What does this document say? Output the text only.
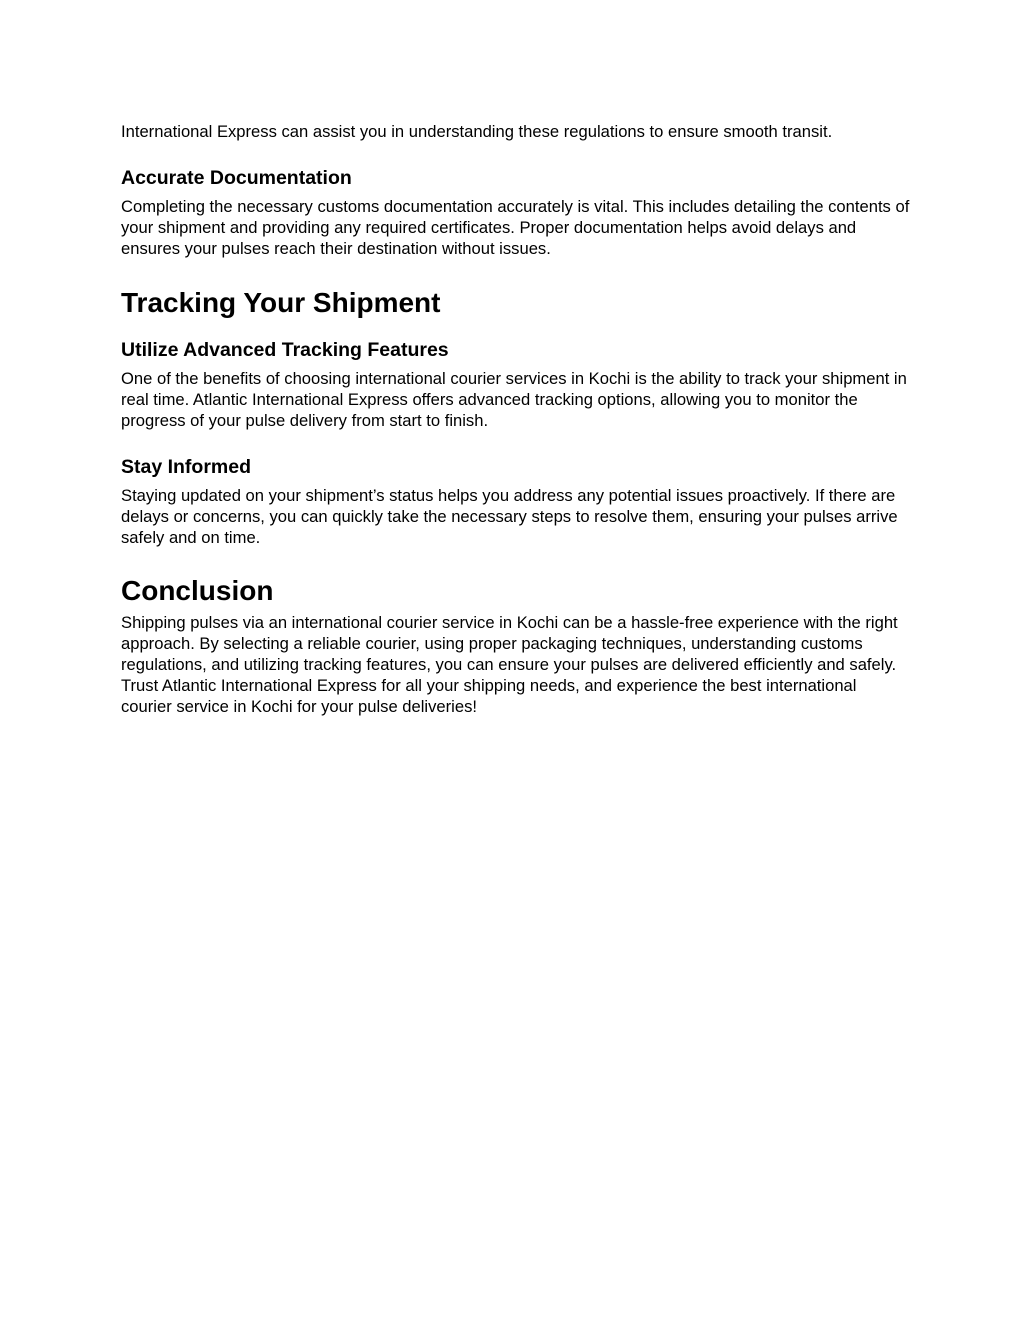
International Express can assist you in understanding these regulations to ensure smooth transit.

Accurate Documentation

Completing the necessary customs documentation accurately is vital. This includes detailing the contents of your shipment and providing any required certificates. Proper documentation helps avoid delays and ensures your pulses reach their destination without issues.

Tracking Your Shipment
Utilize Advanced Tracking Features

One of the benefits of choosing international courier services in Kochi is the ability to track your shipment in real time. Atlantic International Express offers advanced tracking options, allowing you to monitor the progress of your pulse delivery from start to finish.

Stay Informed

Staying updated on your shipment’s status helps you address any potential issues proactively. If there are delays or concerns, you can quickly take the necessary steps to resolve them, ensuring your pulses arrive safely and on time.

Conclusion

Shipping pulses via an international courier service in Kochi can be a hassle-free experience with the right approach. By selecting a reliable courier, using proper packaging techniques, understanding customs regulations, and utilizing tracking features, you can ensure your pulses are delivered efficiently and safely. Trust Atlantic International Express for all your shipping needs, and experience the best international courier service in Kochi for your pulse deliveries!
